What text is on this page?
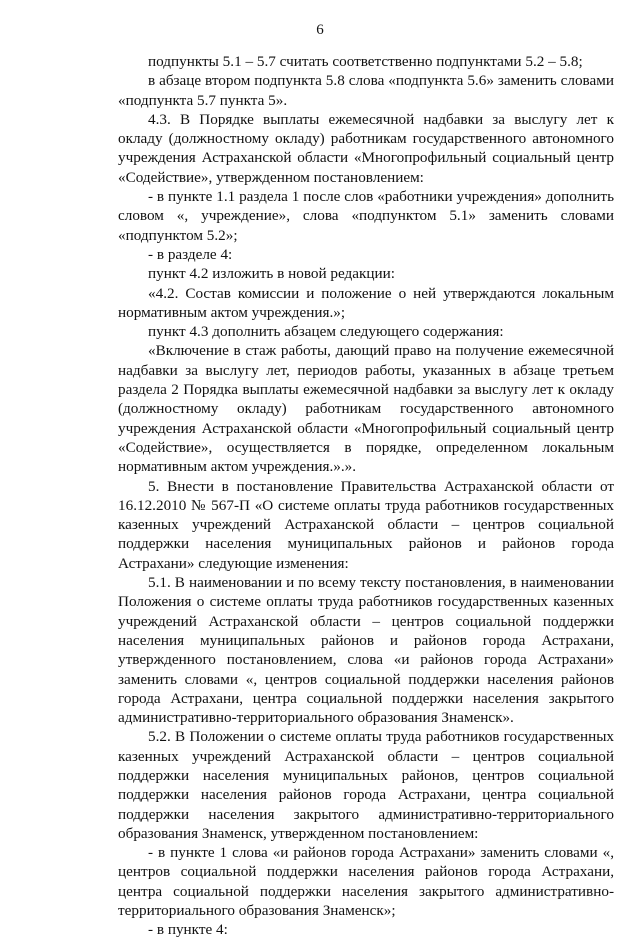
6

подпункты 5.1 – 5.7 считать соответственно подпунктами 5.2 – 5.8;

в абзаце втором подпункта 5.8 слова «подпункта 5.6» заменить словами «подпункта 5.7 пункта 5».

4.3. В Порядке выплаты ежемесячной надбавки за выслугу лет к окладу (должностному окладу) работникам государственного автономного учреждения Астраханской области «Многопрофильный социальный центр «Содействие», утвержденном постановлением:

- в пункте 1.1 раздела 1 после слов «работники учреждения» дополнить словом «, учреждение», слова «подпунктом 5.1» заменить словами «подпунктом 5.2»;

- в разделе 4:

пункт 4.2 изложить в новой редакции:

«4.2. Состав комиссии и положение о ней утверждаются локальным нормативным актом учреждения.»;

пункт 4.3 дополнить абзацем следующего содержания:

«Включение в стаж работы, дающий право на получение ежемесячной надбавки за выслугу лет, периодов работы, указанных в абзаце третьем раздела 2 Порядка выплаты ежемесячной надбавки за выслугу лет к окладу (должностному окладу) работникам государственного автономного учреждения Астраханской области «Многопрофильный социальный центр «Содействие», осуществляется в порядке, определенном локальным нормативным актом учреждения.».».

5. Внести в постановление Правительства Астраханской области от 16.12.2010 № 567-П «О системе оплаты труда работников государственных казенных учреждений Астраханской области – центров социальной поддержки населения муниципальных районов и районов города Астрахани» следующие изменения:

5.1. В наименовании и по всему тексту постановления, в наименовании Положения о системе оплаты труда работников государственных казенных учреждений Астраханской области – центров социальной поддержки населения муниципальных районов и районов города Астрахани, утвержденного постановлением, слова «и районов города Астрахани» заменить словами «, центров социальной поддержки населения районов города Астрахани, центра социальной поддержки населения закрытого административно-территориального образования Знаменск».

5.2. В Положении о системе оплаты труда работников государственных казенных учреждений Астраханской области – центров социальной поддержки населения муниципальных районов, центров социальной поддержки населения районов города Астрахани, центра социальной поддержки населения закрытого административно-территориального образования Знаменск, утвержденном постановлением:

- в пункте 1 слова «и районов города Астрахани» заменить словами «, центров социальной поддержки населения районов города Астрахани, центра социальной поддержки населения закрытого административно-территориального образования Знаменск»;

- в пункте 4:
